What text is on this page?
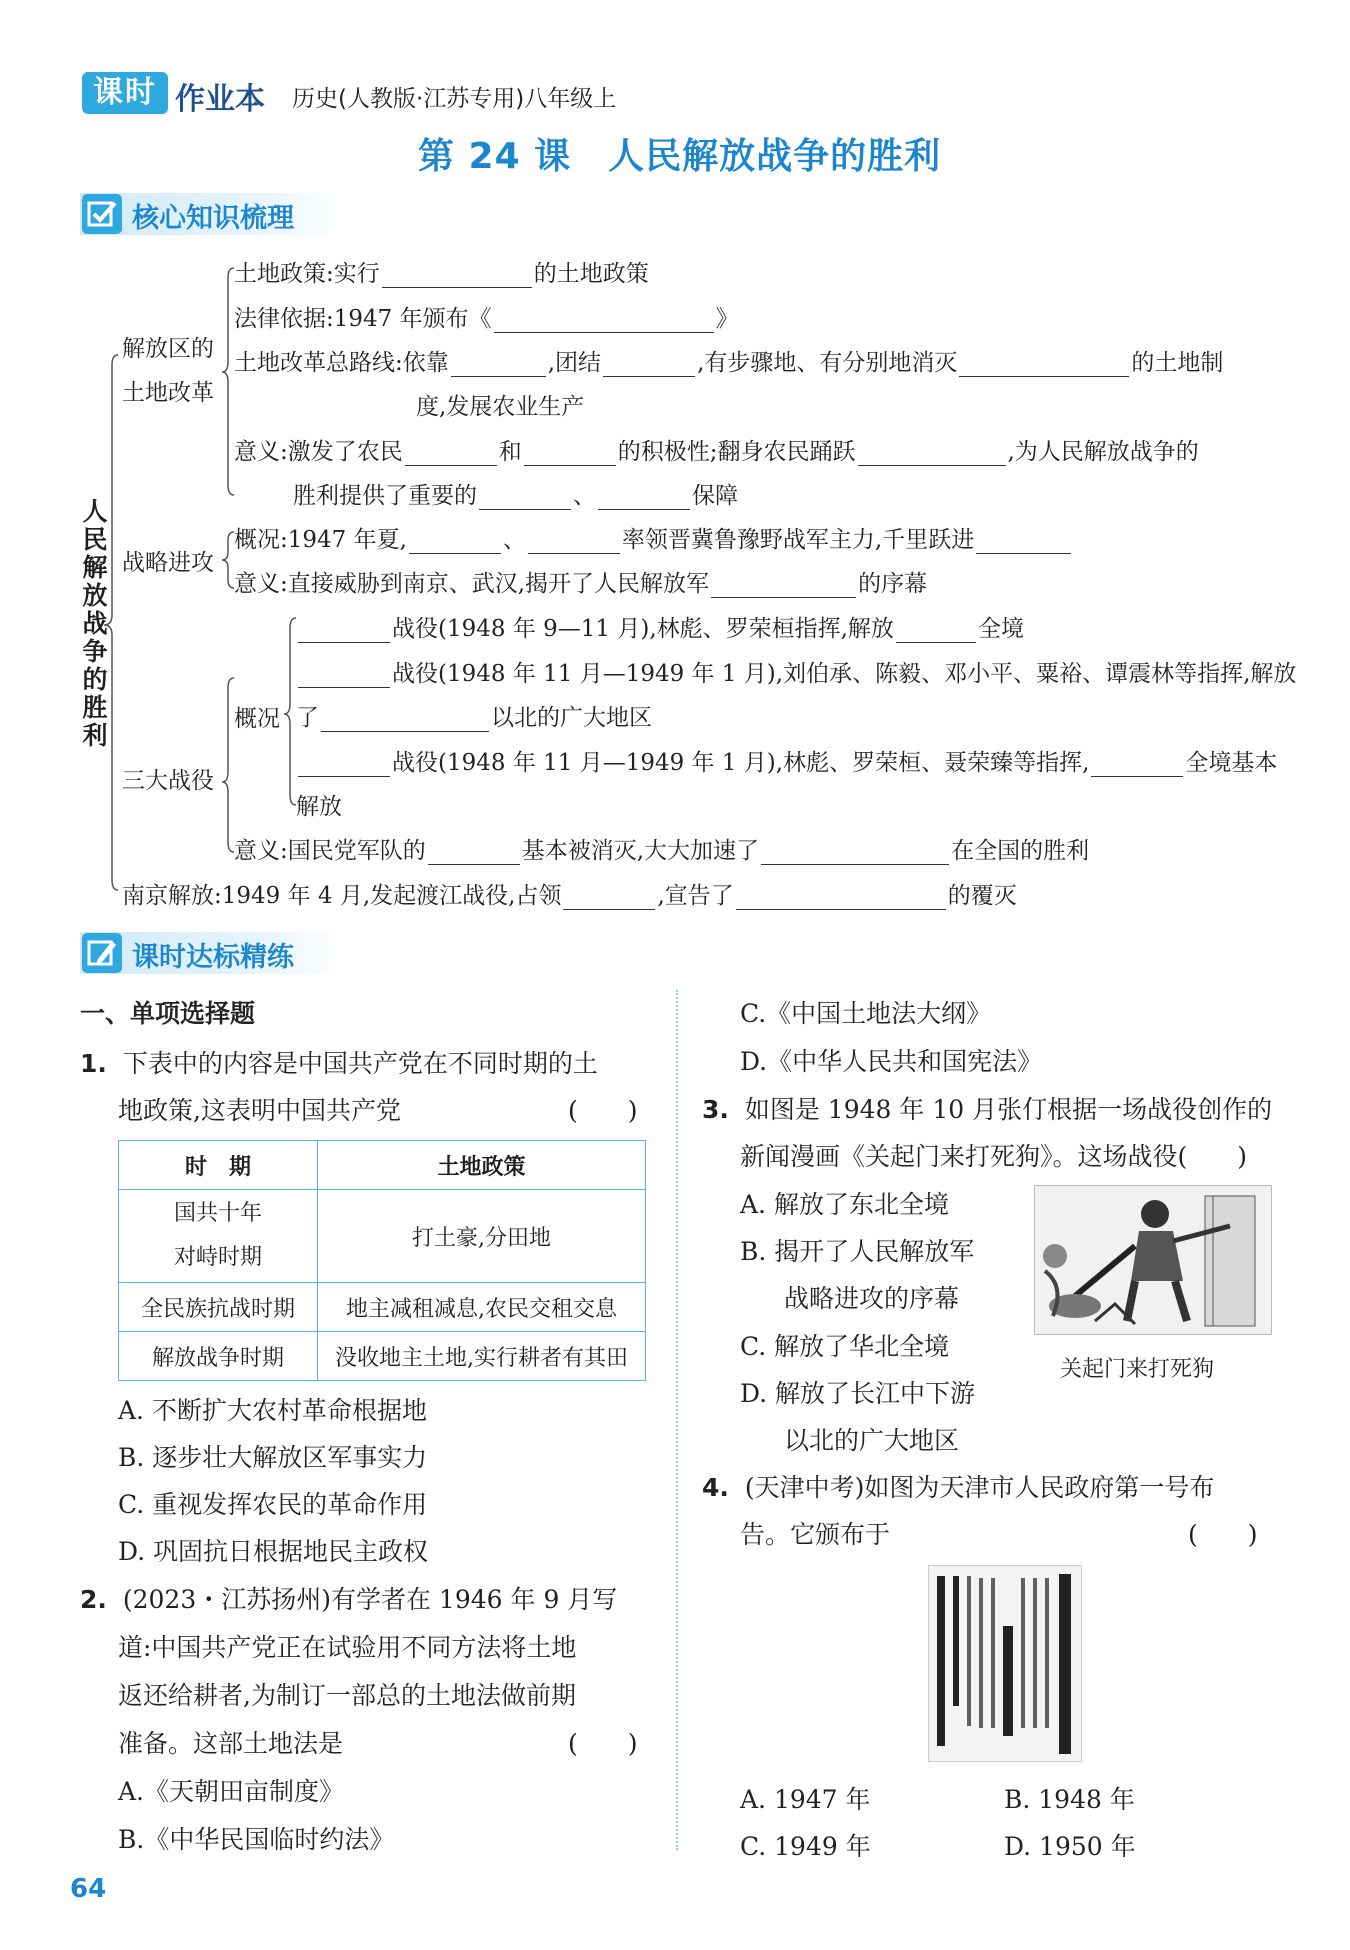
课时 作业本 历史(人教版·江苏专用)八年级上
第 24 课　人民解放战争的胜利
核心知识梳理
人民解放战争的胜利
解放区的
土地改革
土地政策:实行	的土地政策
法律依据:1947 年颁布《	》
土地改革总路线:依靠	,团结	,有步骤地、有分别地消灭	的土地制
度,发展农业生产
意义:激发了农民	和	的积极性;翻身农民踊跃	,为人民解放战争的
胜利提供了重要的	、	保障
战略进攻
概况:1947 年夏,	、	率领晋冀鲁豫野战军主力,千里跃进
意义:直接威胁到南京、武汉,揭开了人民解放军	的序幕
三大战役
概况
战役(1948 年 9—11 月),林彪、罗荣桓指挥,解放	全境
战役(1948 年 11 月—1949 年 1 月),刘伯承、陈毅、邓小平、粟裕、谭震林等指挥,解放
了	以北的广大地区
战役(1948 年 11 月—1949 年 1 月),林彪、罗荣桓、聂荣臻等指挥,	全境基本
解放
意义:国民党军队的	基本被消灭,大大加速了	在全国的胜利
南京解放:1949 年 4 月,发起渡江战役,占领	,宣告了	的覆灭
课时达标精练
一、单项选择题
1. 下表中的内容是中国共产党在不同时期的土
地政策,这表明中国共产党	(　　)
时　期	土地政策

国共十年
对峙时期	打土豪,分田地
全民族抗战时期	地主减租减息,农民交租交息
解放战争时期	没收地主土地,实行耕者有其田
A. 不断扩大农村革命根据地
B. 逐步壮大解放区军事实力
C. 重视发挥农民的革命作用
D. 巩固抗日根据地民主政权
2. (2023・江苏扬州)有学者在 1946 年 9 月写
道:中国共产党正在试验用不同方法将土地
返还给耕者,为制订一部总的土地法做前期
准备。这部土地法是	(　　)
A.《天朝田亩制度》
B.《中华民国临时约法》
C.《中国土地法大纲》
D.《中华人民共和国宪法》
3. 如图是 1948 年 10 月张仃根据一场战役创作的
新闻漫画《关起门来打死狗》。这场战役(　　)
A. 解放了东北全境
B. 揭开了人民解放军
战略进攻的序幕
C. 解放了华北全境
D. 解放了长江中下游
以北的广大地区
关起门来打死狗
4. (天津中考)如图为天津市人民政府第一号布
告。它颁布于	(　　)
A. 1947 年	B. 1948 年
C. 1949 年	D. 1950 年
64
